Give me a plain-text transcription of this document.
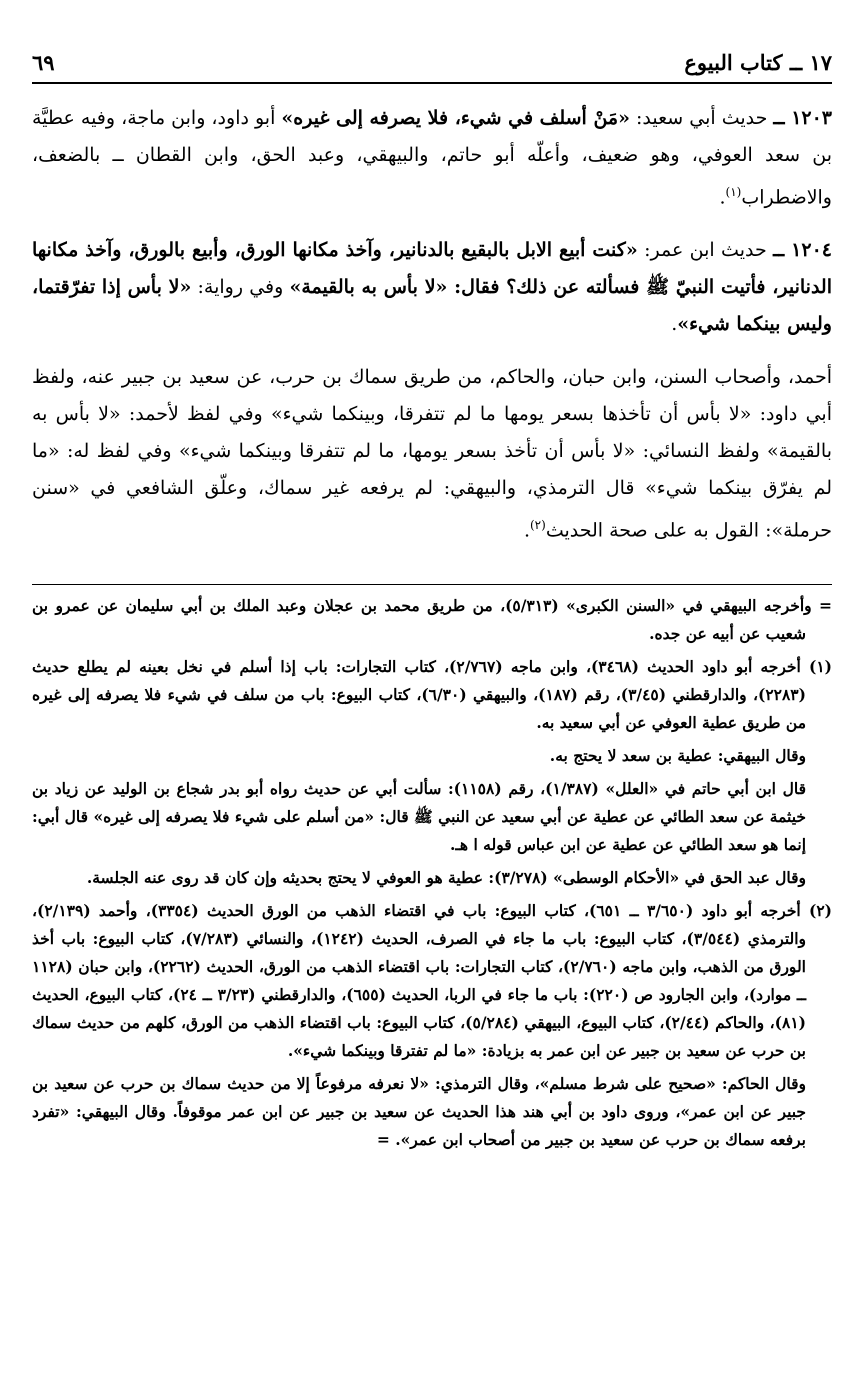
١٧ ــ كتاب البيوع
٦٩

١٢٠٣ ــ حديث أبي سعيد: «مَنْ أسلف في شيء، فلا يصرفه إلى غيره» أبو داود، وابن ماجة، وفيه عطيَّة بن سعد العوفي، وهو ضعيف، وأعلّه أبو حاتم، والبيهقي، وعبد الحق، وابن القطان ــ بالضعف، والاضطراب$^{(١)}$.

١٢٠٤ ــ حديث ابن عمر: «كنت أبيع الابل بالبقيع بالدنانير، وآخذ مكانها الورق، وأبيع بالورق، وآخذ مكانها الدنانير، فأتيت النبيّ ﷺ فسألته عن ذلك؟ فقال: «لا بأس به بالقيمة» وفي رواية: «لا بأس إذا تفرّقتما، وليس بينكما شيء».

أحمد، وأصحاب السنن، وابن حبان، والحاكم، من طريق سماك بن حرب، عن سعيد بن جبير عنه، ولفظ أبي داود: «لا بأس أن تأخذها بسعر يومها ما لم تتفرقا، وبينكما شيء» وفي لفظ لأحمد: «لا بأس به بالقيمة» ولفظ النسائي: «لا بأس أن تأخذ بسعر يومها، ما لم تتفرقا وبينكما شيء» وفي لفظ له: «ما لم يفرّق بينكما شيء» قال الترمذي، والبيهقي: لم يرفعه غير سماك، وعلّق الشافعي في «سنن حرملة»: القول به على صحة الحديث$^{(٢)}$.

= وأخرجه البيهقي في «السنن الكبرى» (٥/٣١٣)، من طريق محمد بن عجلان وعبد الملك بن أبي سليمان عن عمرو بن شعيب عن أبيه عن جده.

(١) أخرجه أبو داود الحديث (٣٤٦٨)، وابن ماجه (٢/٧٦٧)، كتاب التجارات: باب إذا أسلم في نخل بعينه لم يطلع حديث (٢٢٨٣)، والدارقطني (٣/٤٥)، رقم (١٨٧)، والبيهقي (٦/٣٠)، كتاب البيوع: باب من سلف في شيء فلا يصرفه إلى غيره من طريق عطية العوفي عن أبي سعيد به.

وقال البيهقي: عطية بن سعد لا يحتج به.

قال ابن أبي حاتم في «العلل» (١/٣٨٧)، رقم (١١٥٨): سألت أبي عن حديث رواه أبو بدر شجاع بن الوليد عن زياد بن خيثمة عن سعد الطائي عن عطية عن أبي سعيد عن النبي ﷺ قال: «من أسلم على شيء فلا يصرفه إلى غيره» قال أبي: إنما هو سعد الطائي عن عطية عن ابن عباس قوله ا هـ.

وقال عبد الحق في «الأحكام الوسطى» (٣/٢٧٨): عطية هو العوفي لا يحتج بحديثه وإن كان قد روى عنه الجلسة.

(٢) أخرجه أبو داود (٣/٦٥٠ ــ ٦٥١)، كتاب البيوع: باب في اقتضاء الذهب من الورق الحديث (٣٣٥٤)، وأحمد (٢/١٣٩)، والترمذي (٣/٥٤٤)، كتاب البيوع: باب ما جاء في الصرف، الحديث (١٢٤٢)، والنسائي (٧/٢٨٣)، كتاب البيوع: باب أخذ الورق من الذهب، وابن ماجه (٢/٧٦٠)، كتاب التجارات: باب اقتضاء الذهب من الورق، الحديث (٢٢٦٢)، وابن حبان (١١٢٨ ــ موارد)، وابن الجارود ص (٢٢٠): باب ما جاء في الربا، الحديث (٦٥٥)، والدارقطني (٣/٢٣ ــ ٢٤)، كتاب البيوع، الحديث (٨١)، والحاكم (٢/٤٤)، كتاب البيوع، البيهقي (٥/٢٨٤)، كتاب البيوع: باب اقتضاء الذهب من الورق، كلهم من حديث سماك بن حرب عن سعيد بن جبير عن ابن عمر به بزيادة: «ما لم تفترقا وبينكما شيء».

وقال الحاكم: «صحيح على شرط مسلم»، وقال الترمذي: «لا نعرفه مرفوعاً إلا من حديث سماك بن حرب عن سعيد بن جبير عن ابن عمر»، وروى داود بن أبي هند هذا الحديث عن سعيد بن جبير عن ابن عمر موقوفاً. وقال البيهقي: «تفرد برفعه سماك بن حرب عن سعيد بن جبير من أصحاب ابن عمر». =
